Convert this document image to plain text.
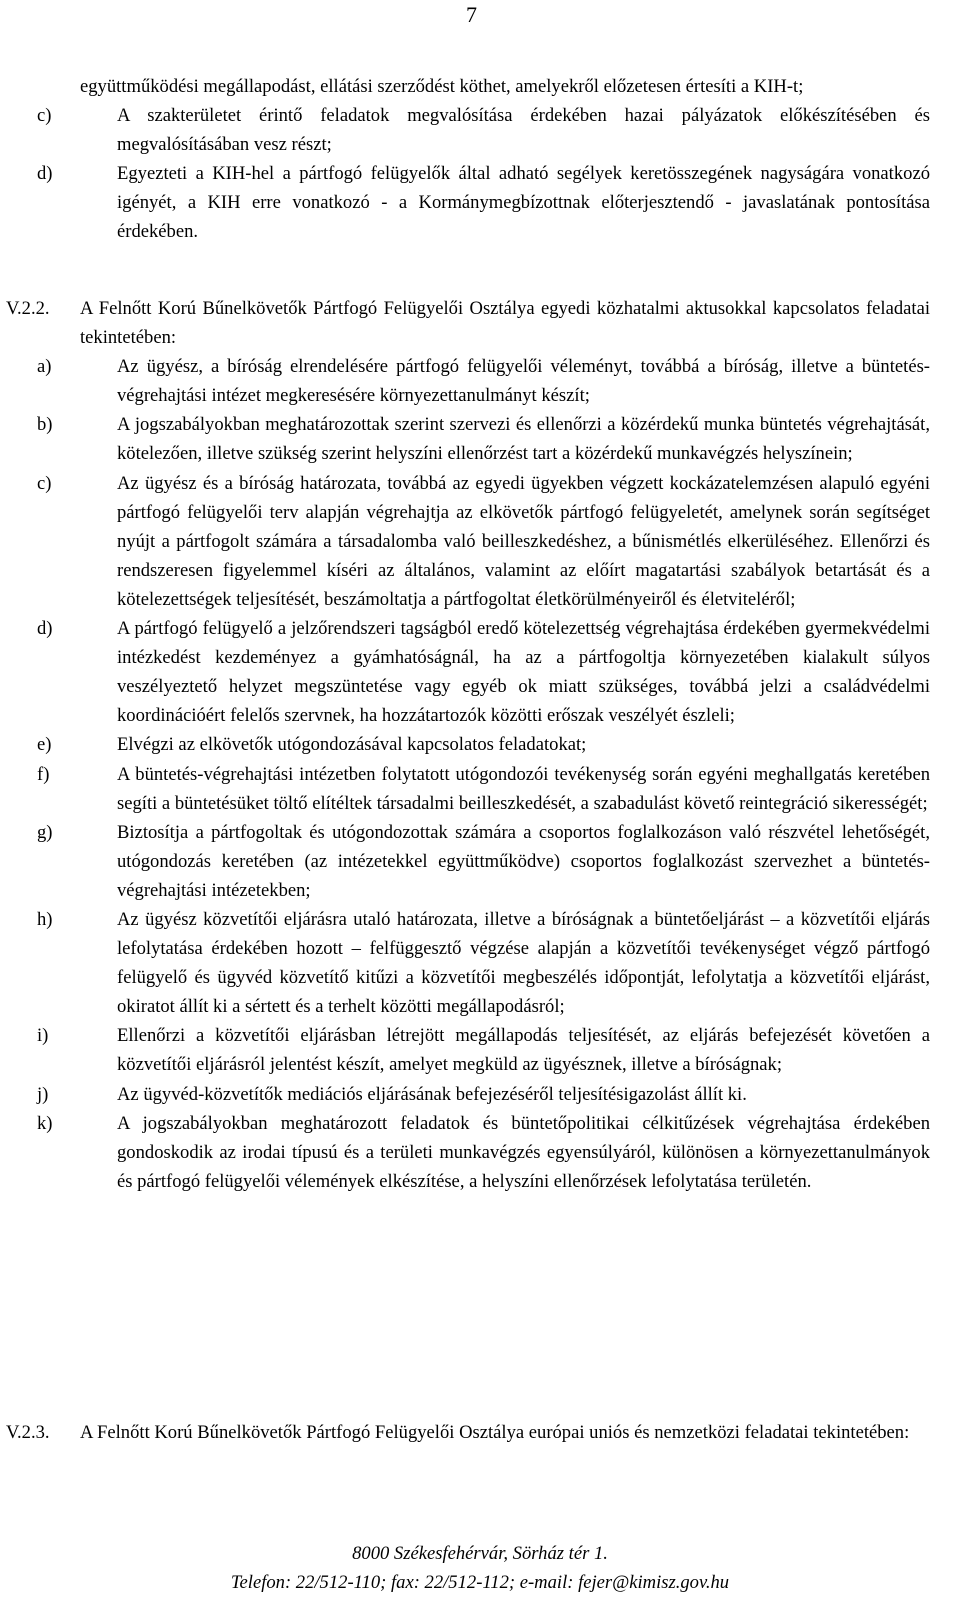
7
együttműködési megállapodást, ellátási szerződést köthet, amelyekről előzetesen értesíti a KIH-t;
c)	A szakterületet érintő feladatok megvalósítása érdekében hazai pályázatok előkészítésében és megvalósításában vesz részt;
d)	Egyezteti a KIH-hel a pártfogó felügyelők által adható segélyek keretösszegének nagyságára vonatkozó igényét, a KIH erre vonatkozó - a Kormánymegbízottnak előterjesztendő - javaslatának pontosítása érdekében.
V.2.2. A Felnőtt Korú Bűnelkövetők Pártfogó Felügyelői Osztálya egyedi közhatalmi aktusokkal kapcsolatos feladatai tekintetében:
a)	Az ügyész, a bíróság elrendelésére pártfogó felügyelői véleményt, továbbá a bíróság, illetve a büntetés-végrehajtási intézet megkeresésére környezettanulmányt készít;
b)	A jogszabályokban meghatározottak szerint szervezi és ellenőrzi a közérdekű munka büntetés végrehajtását, kötelezően, illetve szükség szerint helyszíni ellenőrzést tart a közérdekű munkavégzés helyszínein;
c)	Az ügyész és a bíróság határozata, továbbá az egyedi ügyekben végzett kockázatelemzésen alapuló egyéni pártfogó felügyelői terv alapján végrehajtja az elkövetők pártfogó felügyeletét, amelynek során segítséget nyújt a pártfogolt számára a társadalomba való beilleszkedéshez, a bűnismétlés elkerüléséhez. Ellenőrzi és rendszeresen figyelemmel kíséri az általános, valamint az előírt magatartási szabályok betartását és a kötelezettségek teljesítését, beszámoltatja a pártfogoltat életkörülményeiről és életviteléről;
d)	A pártfogó felügyelő a jelzőrendszeri tagságból eredő kötelezettség végrehajtása érdekében gyermekvédelmi intézkedést kezdeményez a gyámhatóságnál, ha az a pártfogoltja környezetében kialakult súlyos veszélyeztető helyzet megszüntetése vagy egyéb ok miatt szükséges, továbbá jelzi a családvédelmi koordinációért felelős szervnek, ha hozzátartozók közötti erőszak veszélyét észleli;
e)	Elvégzi az elkövetők utógondozásával kapcsolatos feladatokat;
f)	A büntetés-végrehajtási intézetben folytatott utógondozói tevékenység során egyéni meghallgatás keretében segíti a büntetésüket töltő elítéltek társadalmi beilleszkedését, a szabadulást követő reintegráció sikerességét;
g)	Biztosítja a pártfogoltak és utógondozottak számára a csoportos foglalkozáson való részvétel lehetőségét, utógondozás keretében (az intézetekkel együttműködve) csoportos foglalkozást szervezhet a büntetés-végrehajtási intézetekben;
h)	Az ügyész közvetítői eljárásra utaló határozata, illetve a bíróságnak a büntetőeljárást – a közvetítői eljárás lefolytatása érdekében hozott – felfüggesztő végzése alapján a közvetítői tevékenységet végző pártfogó felügyelő és ügyvéd közvetítő kitűzi a közvetítői megbeszélés időpontját, lefolytatja a közvetítői eljárást, okiratot állít ki a sértett és a terhelt közötti megállapodásról;
i)	Ellenőrzi a közvetítői eljárásban létrejött megállapodás teljesítését, az eljárás befejezését követően a közvetítői eljárásról jelentést készít, amelyet megküld az ügyésznek, illetve a bíróságnak;
j)	Az ügyvéd-közvetítők mediációs eljárásának befejezéséről teljesítésigazolást állít ki.
k)	A jogszabályokban meghatározott feladatok és büntetőpolitikai célkitűzések végrehajtása érdekében gondoskodik az irodai típusú és a területi munkavégzés egyensúlyáról, különösen a környezettanulmányok és pártfogó felügyelői vélemények elkészítése, a helyszíni ellenőrzések lefolytatása területén.
V.2.3. A Felnőtt Korú Bűnelkövetők Pártfogó Felügyelői Osztálya európai uniós és nemzetközi feladatai tekintetében:
8000 Székesfehérvár, Sörház tér 1.
Telefon: 22/512-110; fax: 22/512-112; e-mail: fejer@kimisz.gov.hu
